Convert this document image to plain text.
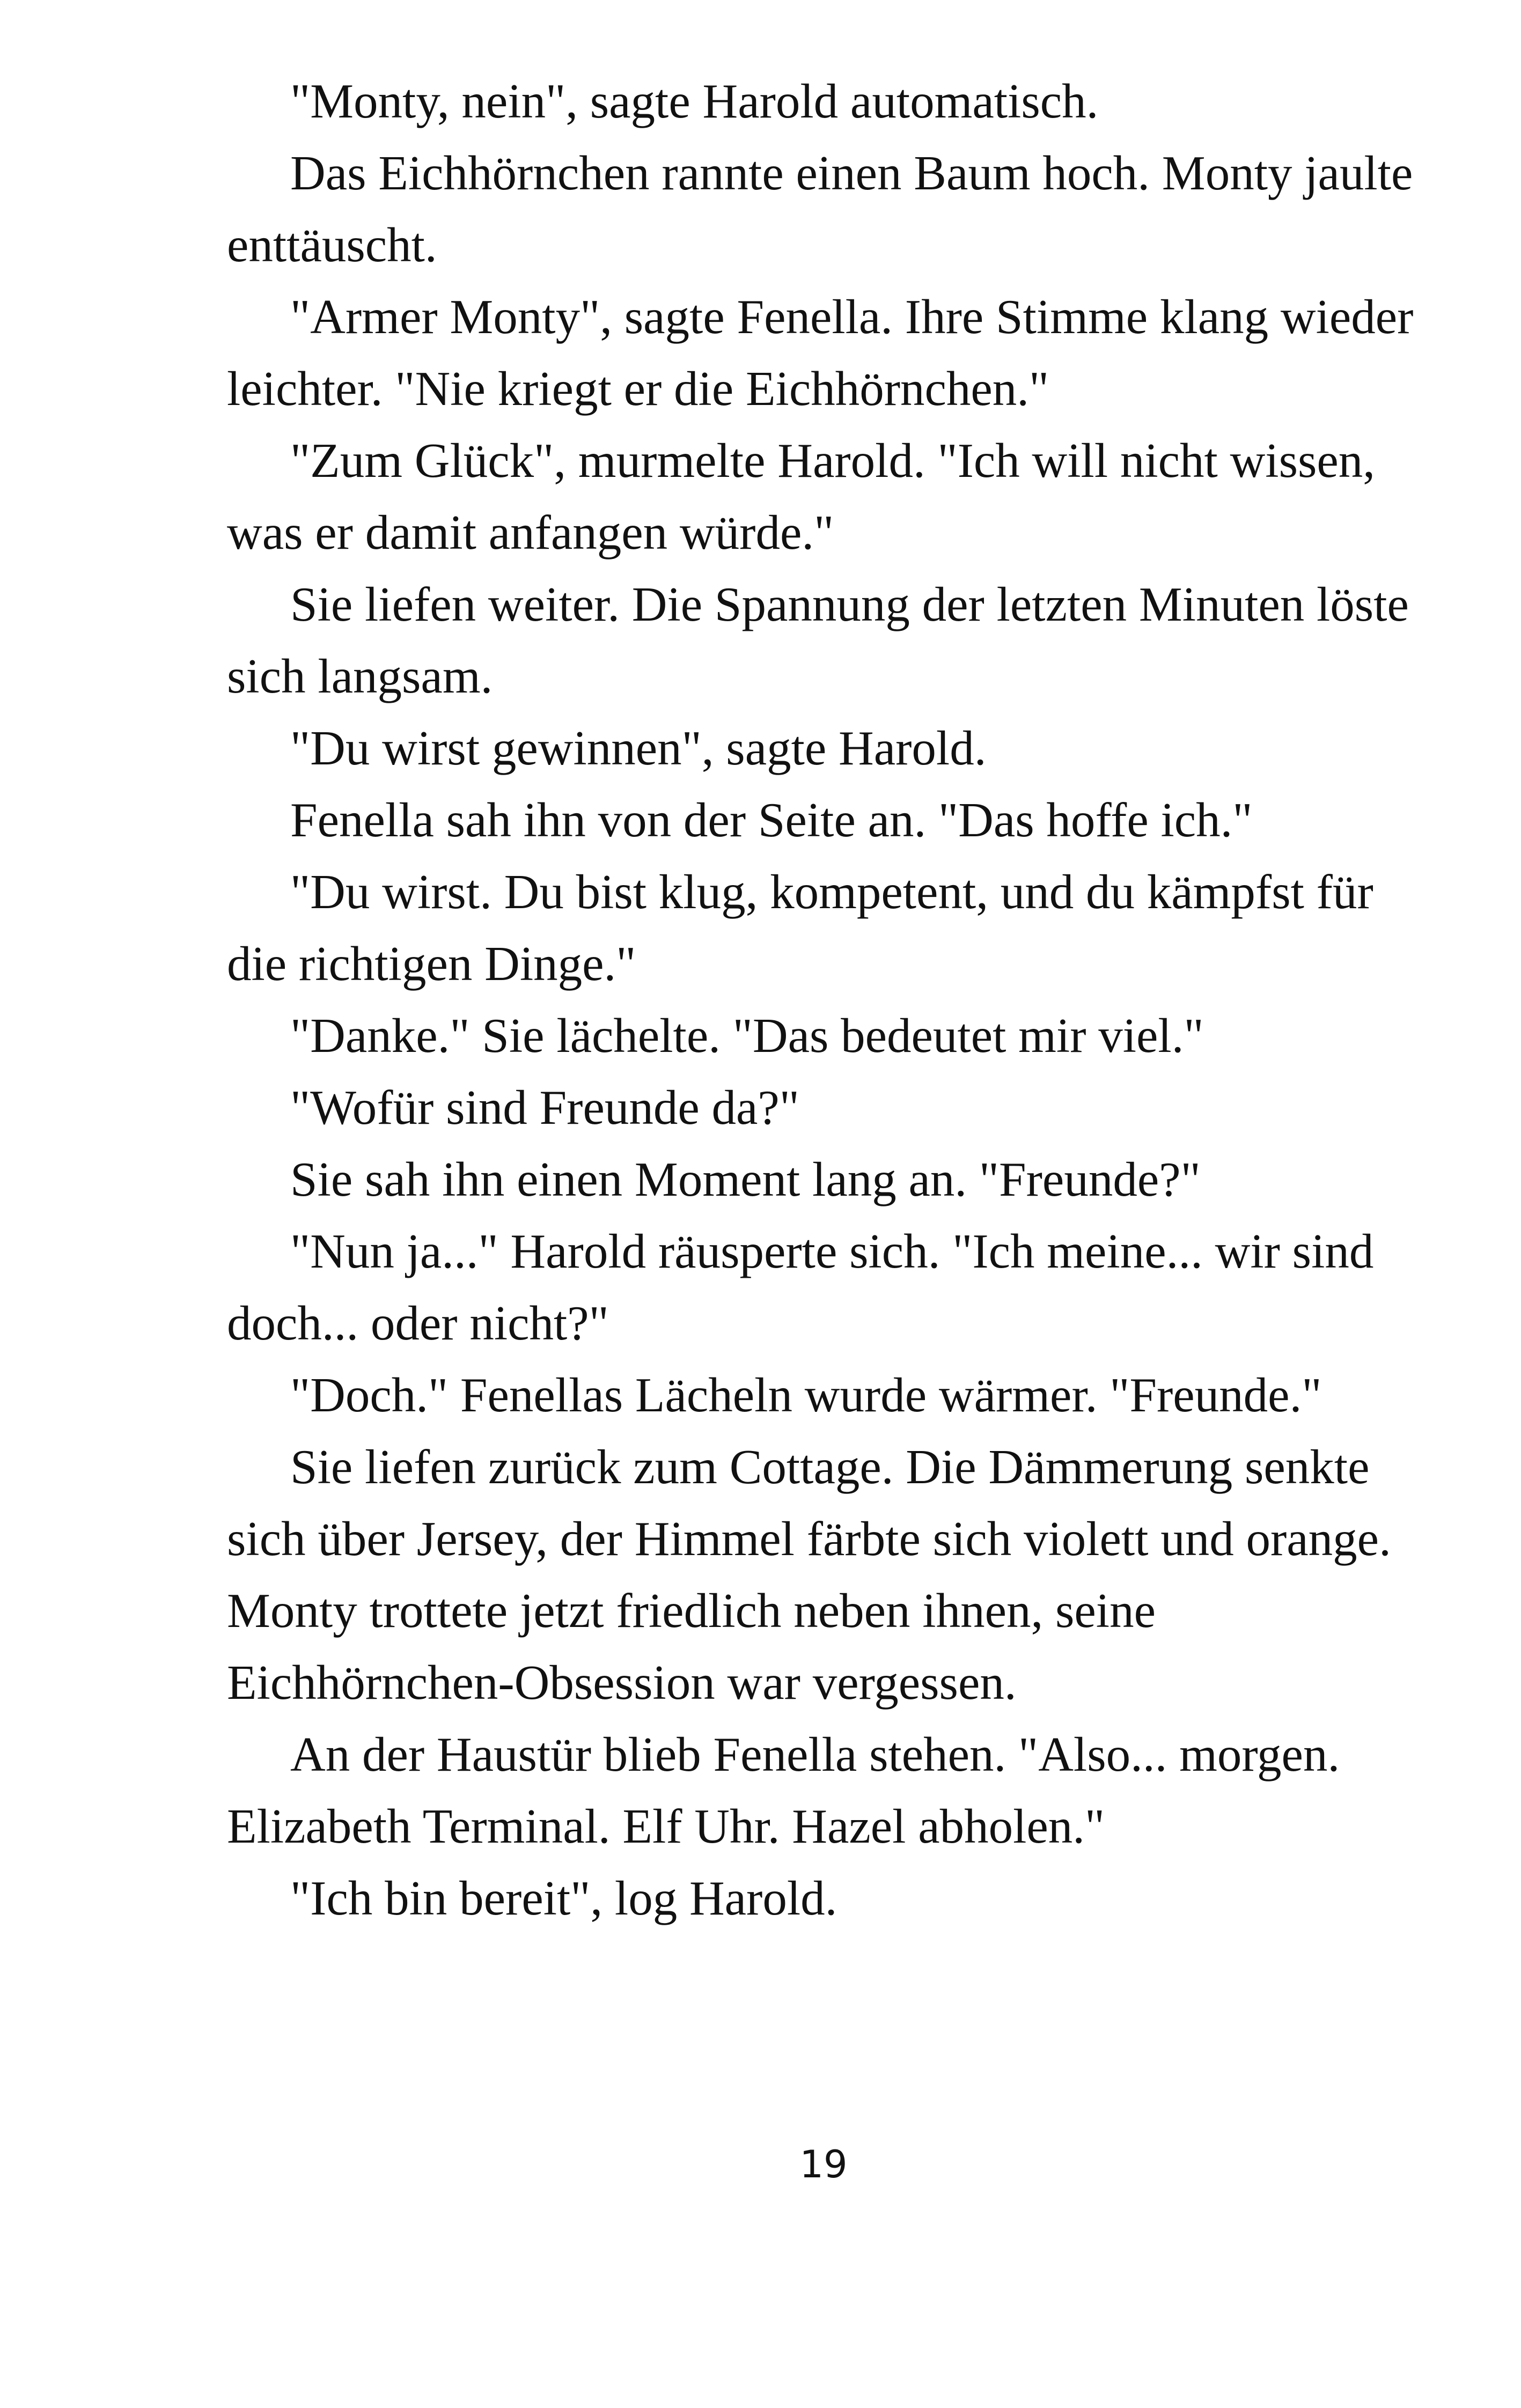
"Monty, nein", sagte Harold automatisch.

Das Eichhörnchen rannte einen Baum hoch. Monty jaulte enttäuscht.

"Armer Monty", sagte Fenella. Ihre Stimme klang wieder leichter. "Nie kriegt er die Eichhörnchen."

"Zum Glück", murmelte Harold. "Ich will nicht wissen, was er damit anfangen würde."

Sie liefen weiter. Die Spannung der letzten Minuten löste sich langsam.

"Du wirst gewinnen", sagte Harold.

Fenella sah ihn von der Seite an. "Das hoffe ich."

"Du wirst. Du bist klug, kompetent, und du kämpfst für die richtigen Dinge."

"Danke." Sie lächelte. "Das bedeutet mir viel."

"Wofür sind Freunde da?"

Sie sah ihn einen Moment lang an. "Freunde?"

"Nun ja..." Harold räusperte sich. "Ich meine... wir sind doch... oder nicht?"

"Doch." Fenellas Lächeln wurde wärmer. "Freunde."

Sie liefen zurück zum Cottage. Die Dämmerung senkte sich über Jersey, der Himmel färbte sich violett und orange. Monty trottete jetzt friedlich neben ihnen, seine Eichhörnchen-Obsession war vergessen.

An der Haustür blieb Fenella stehen. "Also... morgen. Elizabeth Terminal. Elf Uhr. Hazel abholen."

"Ich bin bereit", log Harold.

19
